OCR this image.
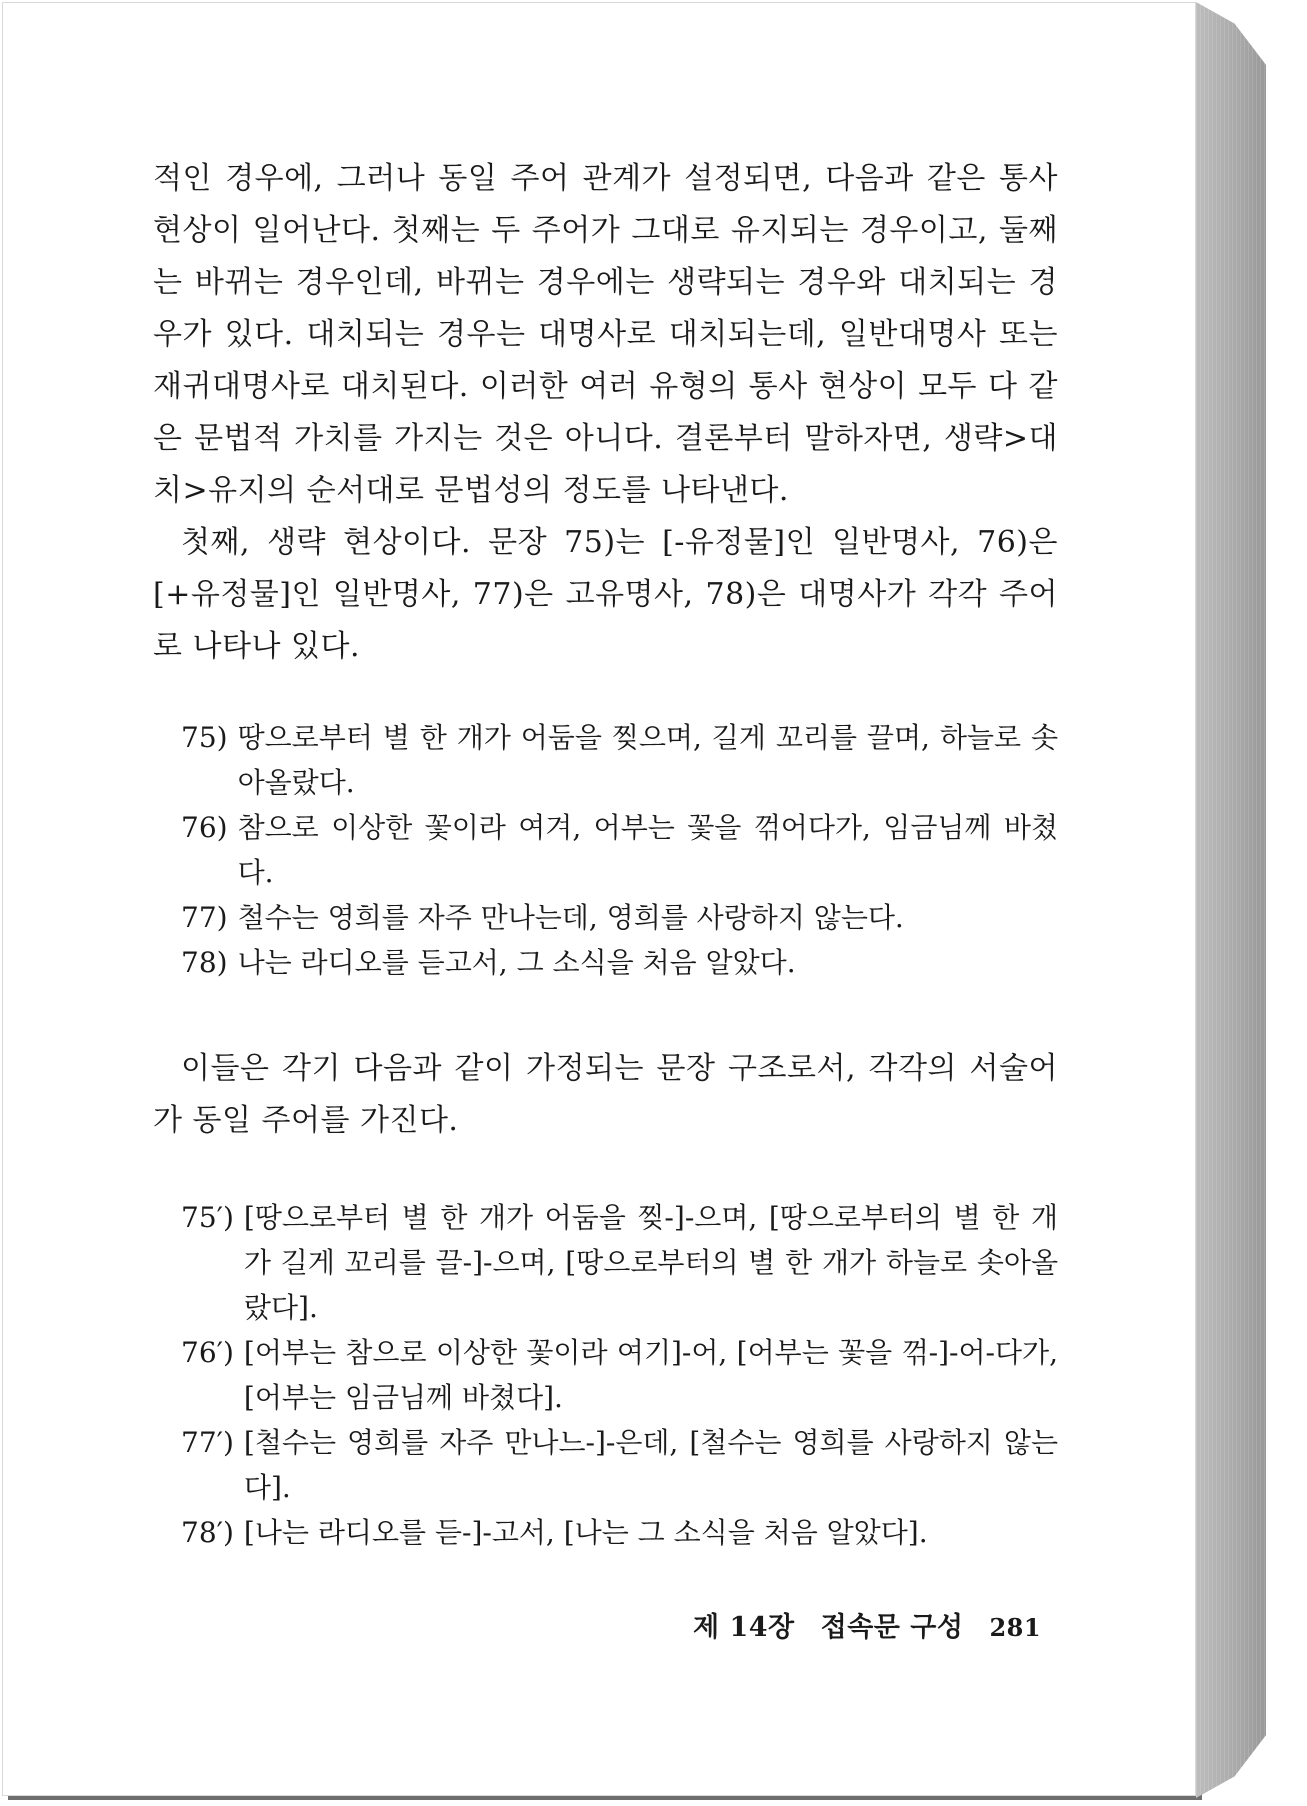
적인 경우에, 그러나 동일 주어 관계가 설정되면, 다음과 같은 통사 현상이 일어난다. 첫째는 두 주어가 그대로 유지되는 경우이고, 둘째는 바뀌는 경우인데, 바뀌는 경우에는 생략되는 경우와 대치되는 경우가 있다. 대치되는 경우는 대명사로 대치되는데, 일반대명사 또는 재귀대명사로 대치된다. 이러한 여러 유형의 통사 현상이 모두 다 같은 문법적 가치를 가지는 것은 아니다. 결론부터 말하자면, 생략>대치>유지의 순서대로 문법성의 정도를 나타낸다.

첫째, 생략 현상이다. 문장 75)는 [-유정물]인 일반명사, 76)은 [+유정물]인 일반명사, 77)은 고유명사, 78)은 대명사가 각각 주어로 나타나 있다.

75) 땅으로부터 별 한 개가 어둠을 찢으며, 길게 꼬리를 끌며, 하늘로 솟아올랐다.
76) 참으로 이상한 꽃이라 여겨, 어부는 꽃을 꺾어다가, 임금님께 바쳤다.
77) 철수는 영희를 자주 만나는데, 영희를 사랑하지 않는다.
78) 나는 라디오를 듣고서, 그 소식을 처음 알았다.

이들은 각기 다음과 같이 가정되는 문장 구조로서, 각각의 서술어가 동일 주어를 가진다.

75′) [땅으로부터 별 한 개가 어둠을 찢-]-으며, [땅으로부터의 별 한 개가 길게 꼬리를 끌-]-으며, [땅으로부터의 별 한 개가 하늘로 솟아올랐다].
76′) [어부는 참으로 이상한 꽃이라 여기]-어, [어부는 꽃을 꺾-]-어-다가, [어부는 임금님께 바쳤다].
77′) [철수는 영희를 자주 만나느-]-은데, [철수는 영희를 사랑하지 않는다].
78′) [나는 라디오를 듣-]-고서, [나는 그 소식을 처음 알았다].
제 14장 접속문 구성 281
